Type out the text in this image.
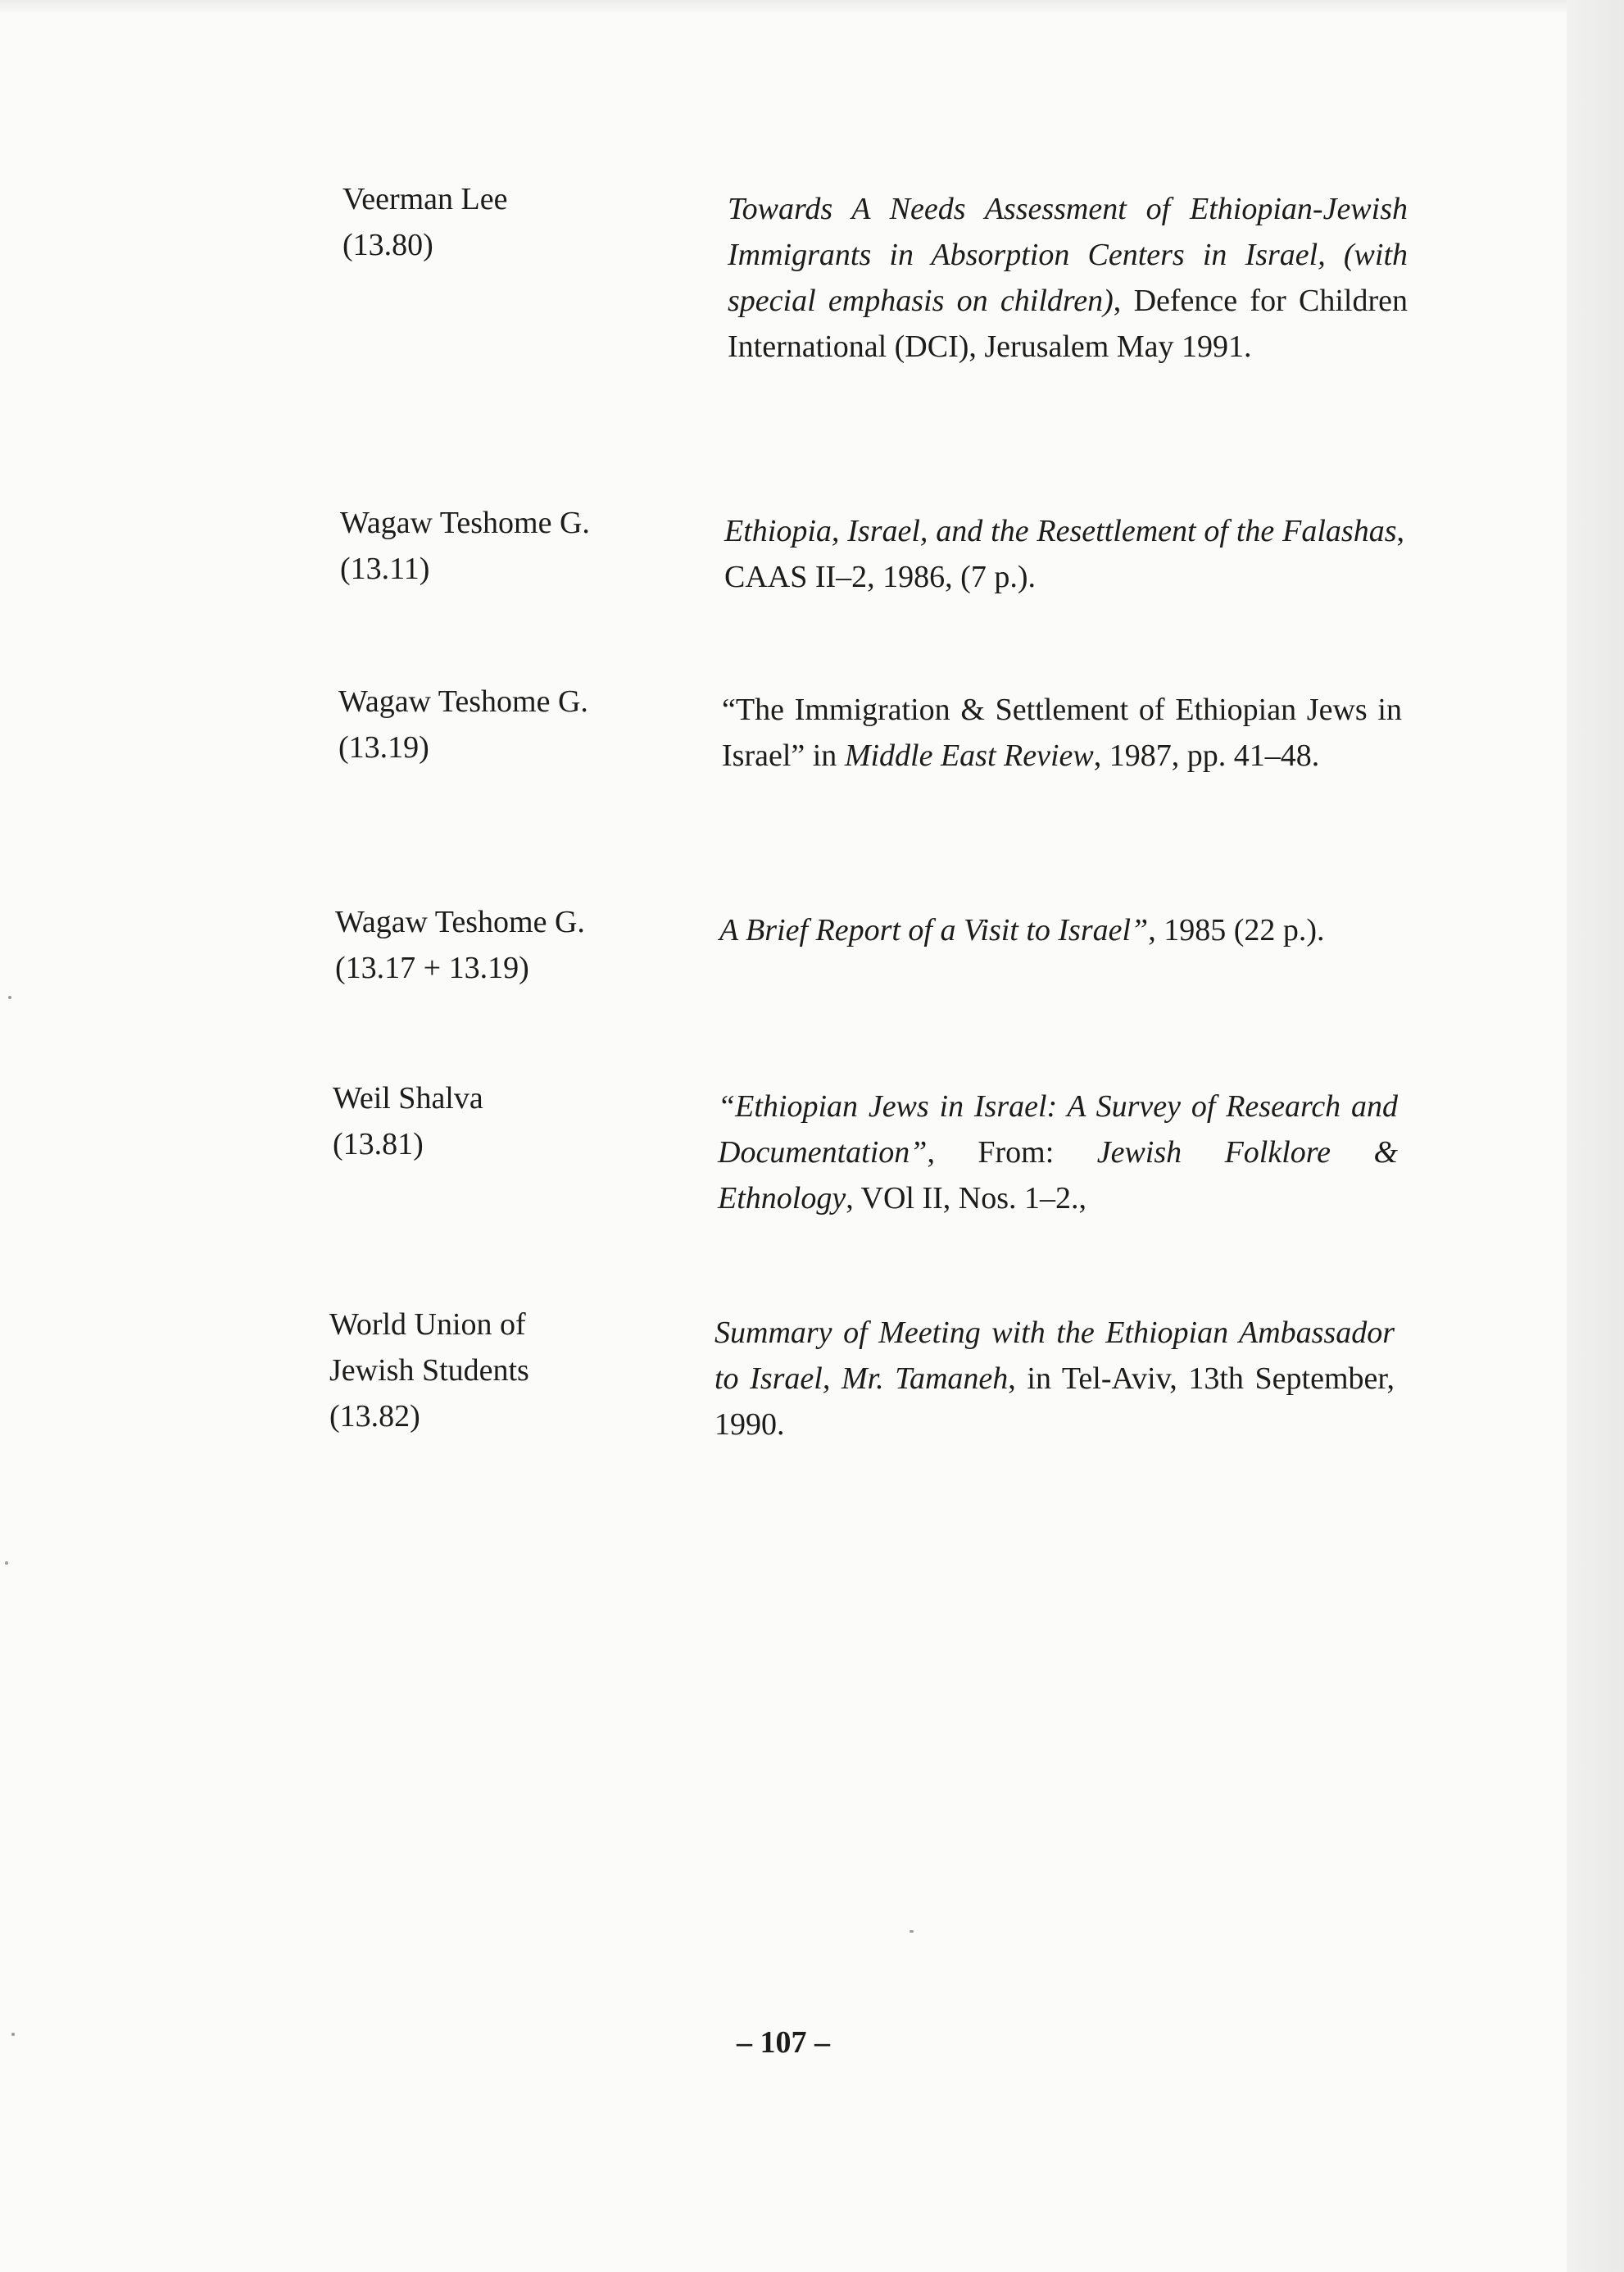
Veerman Lee
(13.80)
Towards A Needs Assessment of Ethiopian-Jewish Immigrants in Absorption Centers in Israel, (with special emphasis on children), Defence for Children International (DCI), Jerusalem May 1991.
Wagaw Teshome G.
(13.11)
Ethiopia, Israel, and the Resettlement of the Falashas, CAAS II–2, 1986, (7 p.).
Wagaw Teshome G.
(13.19)
“The Immigration & Settlement of Ethiopian Jews in Israel” in Middle East Review, 1987, pp. 41–48.
Wagaw Teshome G.
(13.17 + 13.19)
A Brief Report of a Visit to Israel”, 1985 (22 p.).
Weil Shalva
(13.81)
“Ethiopian Jews in Israel: A Survey of Research and Documentation”, From: Jewish Folklore & Ethnology, VOl II, Nos. 1–2.,
World Union of
Jewish Students
(13.82)
Summary of Meeting with the Ethiopian Ambassador to Israel, Mr. Tamaneh, in Tel-Aviv, 13th September, 1990.
– 107 –
